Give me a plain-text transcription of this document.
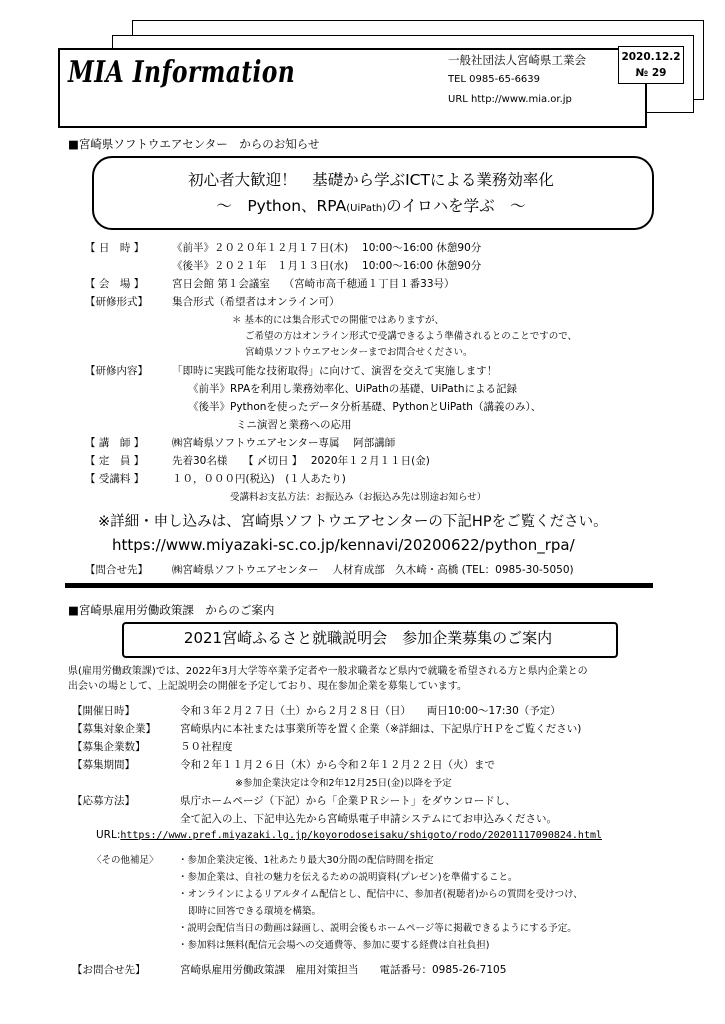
MIA Information	一般社団法人宮崎県工業会
TEL 0985-65-6639
URL http://www.mia.or.jp
2020.12.2
№ 29
■宮崎県ソフトウエアセンター　からのお知らせ
初心者大歓迎！　基礎から学ぶICTによる業務効率化
～　Python、RPA(UiPath)のイロハを学ぶ　～
【 日　時 】	《前半》２０２０年１２月１７日(木)　 10:00～16:00 休憩90分
《後半》２０２１年　１月１３日(水)　 10:00～16:00 休憩90分
【 会　場 】	宮日会館 第１会議室　 （宮崎市高千穂通１丁目１番33号）
【研修形式】 集合形式（希望者はオンライン可）
＊ 基本的には集合形式での開催ではありますが、
ご希望の方はオンライン形式で受講できるよう準備されるとのことですので、
宮崎県ソフトウエアセンターまでお問合せください。
【研修内容】 「即時に実践可能な技術取得」に向けて、演習を交えて実施します！
《前半》RPAを利用し業務効率化、UiPathの基礎、UiPathによる記録
《後半》Pythonを使ったデータ分析基礎、PythonとUiPath（講義のみ）、
ミニ演習と業務への応用
【 講　師 】	㈱宮崎県ソフトウエアセンター専属　 阿部講師
【 定　員 】	先着30名様　　【 〆切日 】　 2020年１２月１１日(金)
【 受講料 】	１０，０００円(税込)　(１人あたり)
受講料お支払方法：お振込み（お振込み先は別途お知らせ）
※詳細・申し込みは、宮崎県ソフトウエアセンターの下記HPをご覧ください。
https://www.miyazaki-sc.co.jp/kennavi/20200622/python_rpa/
【問合せ先】 ㈱宮崎県ソフトウエアセンター　 人材育成部　久木崎・高橋 (TEL：0985-30-5050)
■宮崎県雇用労働政策課　からのご案内
2021宮崎ふるさと就職説明会　参加企業募集のご案内
県(雇用労働政策課)では、2022年3月大学等卒業予定者や一般求職者など県内で就職を希望される方と県内企業との
出会いの場として、上記説明会の開催を予定しており、現在参加企業を募集しています。
【開催日時】	令和３年２月２７日（土）から２月２８日（日）　　両日10:00～17:30（予定）
【募集対象企業】 宮崎県内に本社または事業所等を置く企業（※詳細は、下記県庁ＨＰをご覧ください)
【募集企業数】	５０社程度
【募集期間】	令和２年１１月２６日（木）から令和２年１２月２２日（火）まで
※参加企業決定は令和2年12月25日(金)以降を予定
【応募方法】	県庁ホームページ（下記）から「企業ＰＲシート」をダウンロードし、
全て記入の上、下記申込先から宮崎県電子申請システムにてお申込みください。
URL:https://www.pref.miyazaki.lg.jp/koyorodoseisaku/shigoto/rodo/20201117090824.html
〈その他補足〉 ・参加企業決定後、1社あたり最大30分間の配信時間を指定
・参加企業は、自社の魅力を伝えるための説明資料(プレゼン)を準備すること。
・オンラインによるリアルタイム配信とし、配信中に、参加者(視聴者)からの質問を受けつけ、
即時に回答できる環境を構築。
・説明会配信当日の動画は録画し、説明会後もホームページ等に掲載できるようにする予定。
・参加料は無料(配信元会場への交通費等、参加に要する経費は自社負担)
【お問合せ先】	宮崎県雇用労働政策課　雇用対策担当　　電話番号：0985-26-7105
